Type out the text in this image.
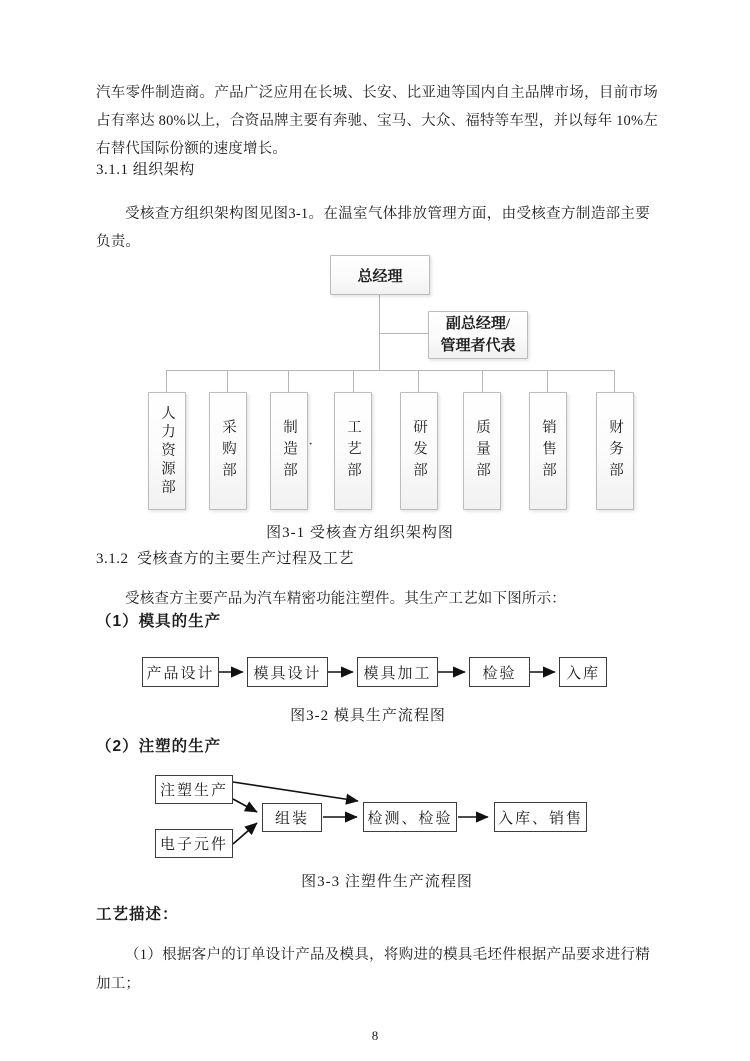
汽车零件制造商。产品广泛应用在长城、长安、比亚迪等国内自主品牌市场，目前市场占有率达 80%以上，合资品牌主要有奔驰、宝马、大众、福特等车型，并以每年 10%左右替代国际份额的速度增长。

3.1.1 组织架构

受核查方组织架构图见图3-1。在温室气体排放管理方面，由受核查方制造部主要负责。

总经理
副总经理/
管理者代表
人力资源部	采购部	制造部	工艺部	研发部	质量部	销售部	财务部
·
图3-1 受核查方组织架构图
3.1.2  受核查方的主要生产过程及工艺

受核查方主要产品为汽车精密功能注塑件。其生产工艺如下图所示：

（1）模具的生产
产品设计	模具设计	模具加工	检验	入库
图3-2 模具生产流程图
（2）注塑的生产
注塑生产
电子元件
组装	检测、检验	入库、销售
图3-3 注塑件生产流程图
工艺描述：

（1）根据客户的订单设计产品及模具，将购进的模具毛坯件根据产品要求进行精加工；

8
